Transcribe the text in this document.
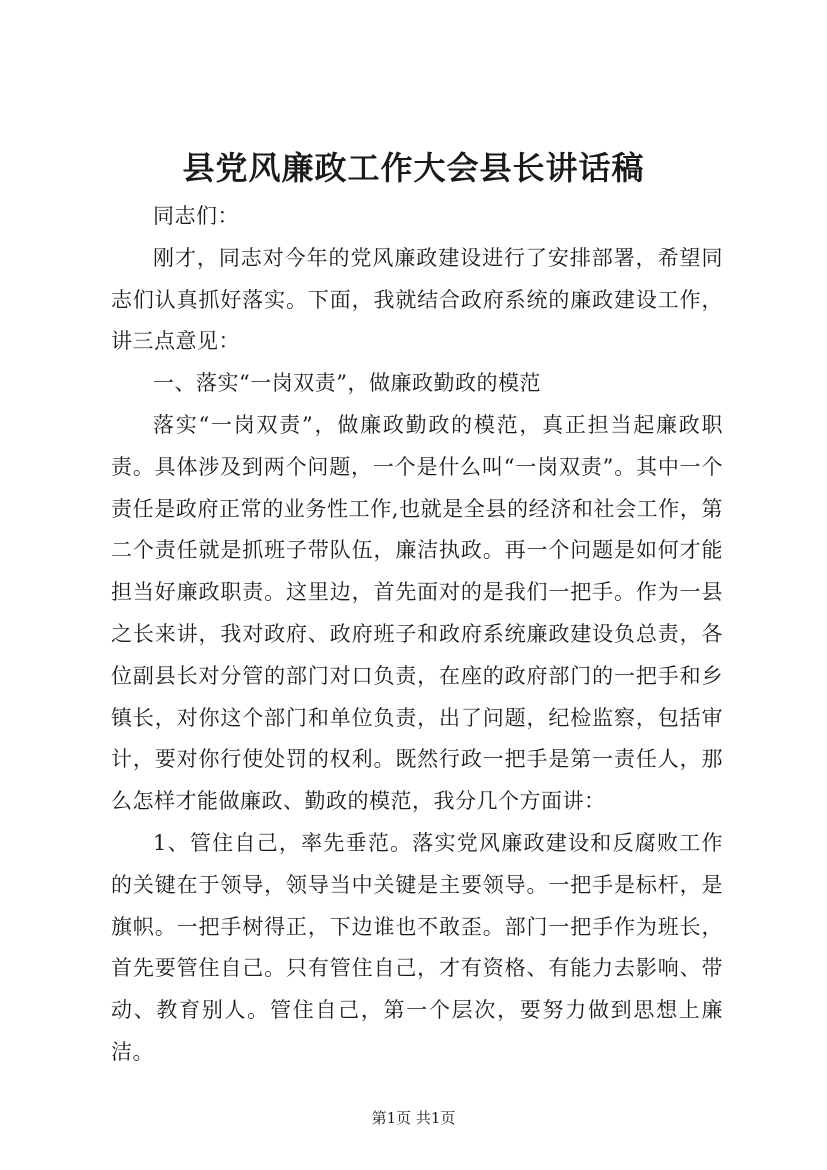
县党风廉政工作大会县长讲话稿

同志们：

刚才，同志对今年的党风廉政建设进行了安排部署，希望同志们认真抓好落实。下面，我就结合政府系统的廉政建设工作，讲三点意见：

一、落实“一岗双责”，做廉政勤政的模范

落实“一岗双责”，做廉政勤政的模范，真正担当起廉政职责。具体涉及到两个问题，一个是什么叫“一岗双责”。其中一个责任是政府正常的业务性工作,也就是全县的经济和社会工作，第二个责任就是抓班子带队伍，廉洁执政。再一个问题是如何才能担当好廉政职责。这里边，首先面对的是我们一把手。作为一县之长来讲，我对政府、政府班子和政府系统廉政建设负总责，各位副县长对分管的部门对口负责，在座的政府部门的一把手和乡镇长，对你这个部门和单位负责，出了问题，纪检监察，包括审计，要对你行使处罚的权利。既然行政一把手是第一责任人，那么怎样才能做廉政、勤政的模范，我分几个方面讲：

1、管住自己，率先垂范。落实党风廉政建设和反腐败工作的关键在于领导，领导当中关键是主要领导。一把手是标杆，是旗帜。一把手树得正，下边谁也不敢歪。部门一把手作为班长，首先要管住自己。只有管住自己，才有资格、有能力去影响、带动、教育别人。管住自己，第一个层次，要努力做到思想上廉洁。

第1页 共1页
